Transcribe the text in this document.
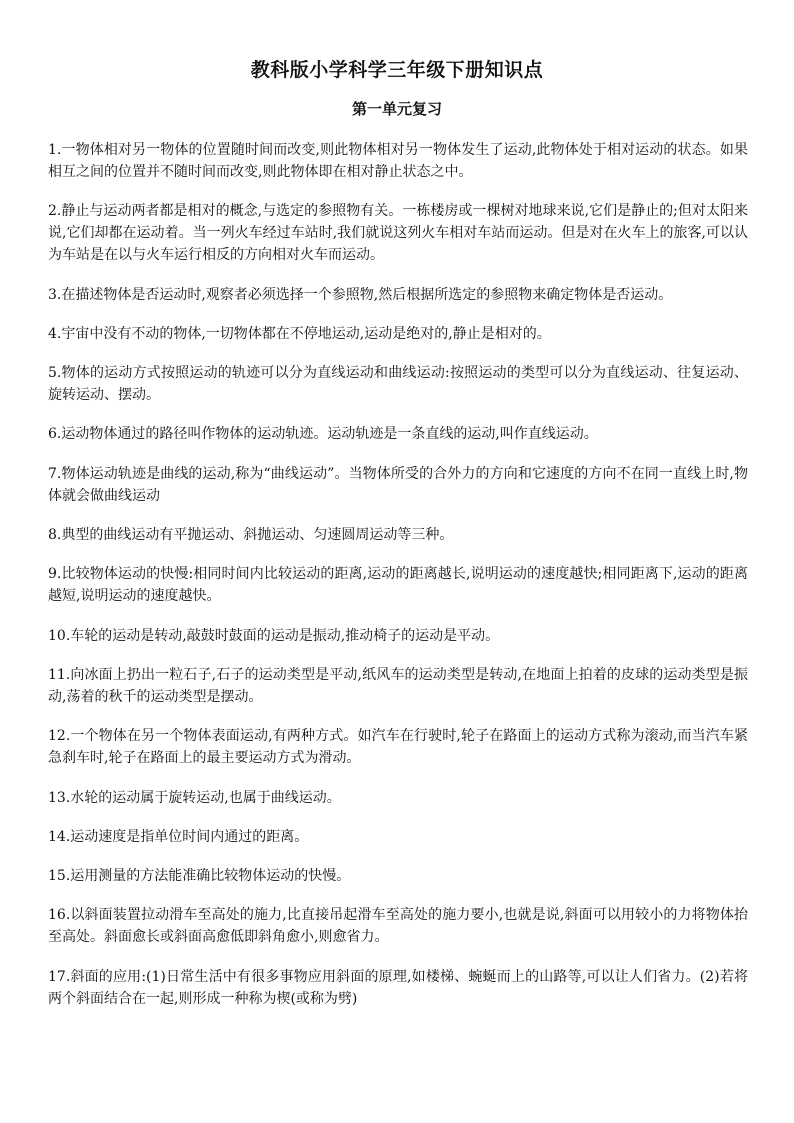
教科版小学科学三年级下册知识点
第一单元复习
1.一物体相对另一物体的位置随时间而改变,则此物体相对另一物体发生了运动,此物体处于相对运动的状态。如果相互之间的位置并不随时间而改变,则此物体即在相对静止状态之中。
2.静止与运动两者都是相对的概念,与选定的参照物有关。一栋楼房或一棵树对地球来说,它们是静止的;但对太阳来说,它们却都在运动着。当一列火车经过车站时,我们就说这列火车相对车站而运动。但是对在火车上的旅客,可以认为车站是在以与火车运行相反的方向相对火车而运动。
3.在描述物体是否运动时,观察者必须选择一个参照物,然后根据所选定的参照物来确定物体是否运动。
4.宇宙中没有不动的物体,一切物体都在不停地运动,运动是绝对的,静止是相对的。
5.物体的运动方式按照运动的轨迹可以分为直线运动和曲线运动:按照运动的类型可以分为直线运动、往复运动、旋转运动、摆动。
6.运动物体通过的路径叫作物体的运动轨迹。运动轨迹是一条直线的运动,叫作直线运动。
7.物体运动轨迹是曲线的运动,称为“曲线运动”。当物体所受的合外力的方向和它速度的方向不在同一直线上时,物体就会做曲线运动
8.典型的曲线运动有平抛运动、斜抛运动、匀速圆周运动等三种。
9.比较物体运动的快慢:相同时间内比较运动的距离,运动的距离越长,说明运动的速度越快;相同距离下,运动的距离越短,说明运动的速度越快。
10.车轮的运动是转动,敲鼓时鼓面的运动是振动,推动椅子的运动是平动。
11.向冰面上扔出一粒石子,石子的运动类型是平动,纸风车的运动类型是转动,在地面上拍着的皮球的运动类型是振动,荡着的秋千的运动类型是摆动。
12.一个物体在另一个物体表面运动,有两种方式。如汽车在行驶时,轮子在路面上的运动方式称为滚动,而当汽车紧急刹车时,轮子在路面上的最主要运动方式为滑动。
13.水轮的运动属于旋转运动,也属于曲线运动。
14.运动速度是指单位时间内通过的距离。
15.运用测量的方法能准确比较物体运动的快慢。
16.以斜面装置拉动滑车至高处的施力,比直接吊起滑车至高处的施力要小,也就是说,斜面可以用较小的力将物体抬至高处。斜面愈长或斜面高愈低即斜角愈小,则愈省力。
17.斜面的应用:(1)日常生活中有很多事物应用斜面的原理,如楼梯、蜿蜒而上的山路等,可以让人们省力。(2)若将两个斜面结合在一起,则形成一种称为楔(或称为劈)
